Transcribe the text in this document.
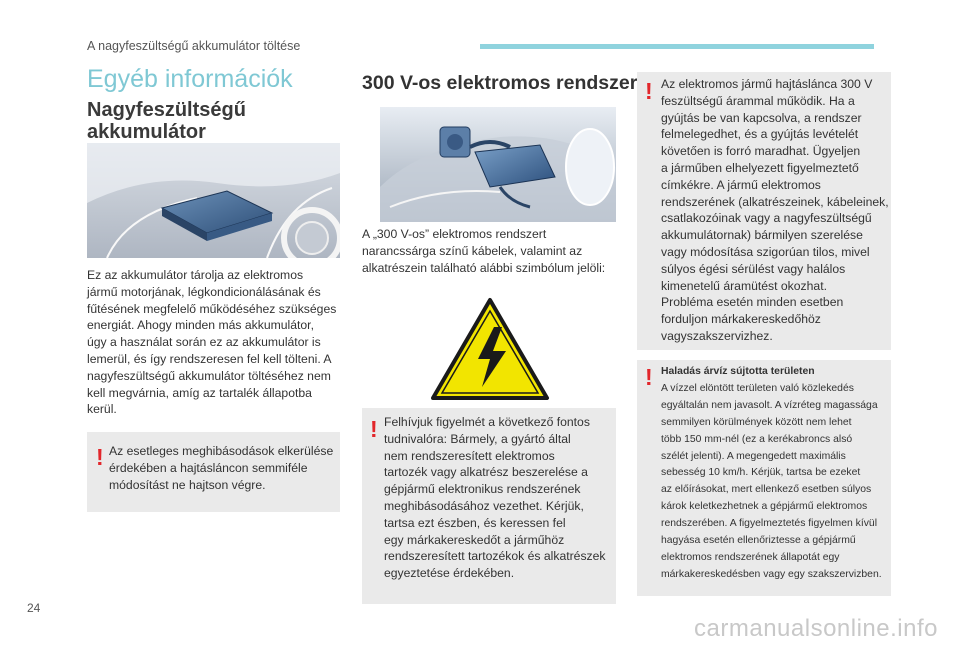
A nagyfeszültségű akkumulátor töltése
Egyéb információk
Nagyfeszültségű
akkumulátor
Ez az akkumulátor tárolja az elektromos
jármű motorjának, légkondicionálásának és
fűtésének megfelelő működéséhez szükséges
energiát. Ahogy minden más akkumulátor,
úgy a használat során ez az akkumulátor is
lemerül, és így rendszeresen fel kell tölteni. A
nagyfeszültségű akkumulátor töltéséhez nem
kell megvárnia, amíg az tartalék állapotba
kerül.
! Az esetleges meghibásodások elkerülése
érdekében a hajtásláncon semmiféle
módosítást ne hajtson végre.
300 V-os elektromos rendszer
A „300 V-os” elektromos rendszert
narancssárga színű kábelek, valamint az
alkatrészein található alábbi szimbólum jelöli:
! Felhívjuk figyelmét a következő fontos
tudnivalóra: Bármely, a gyártó által
nem rendszeresített elektromos
tartozék vagy alkatrész beszerelése a
gépjármű elektronikus rendszerének
meghibásodásához vezethet. Kérjük,
tartsa ezt észben, és keressen fel
egy márkakereskedőt a járműhöz
rendszeresített tartozékok és alkatrészek
egyeztetése érdekében.
! Az elektromos jármű hajtáslánca 300 V
feszültségű árammal működik. Ha a
gyújtás be van kapcsolva, a rendszer
felmelegedhet, és a gyújtás levételét
követően is forró maradhat. Ügyeljen
a járműben elhelyezett figyelmeztető
címkékre. A jármű elektromos
rendszerének (alkatrészeinek, kábeleinek,
csatlakozóinak vagy a nagyfeszültségű
akkumulátornak) bármilyen szerelése
vagy módosítása szigorúan tilos, mivel
súlyos égési sérülést vagy halálos
kimenetelű áramütést okozhat.
Probléma esetén minden esetben
forduljon márkakereskedőhöz
vagyszakszervizhez.
! Haladás árvíz sújtotta területen
A vízzel elöntött területen való közlekedés
egyáltalán nem javasolt. A vízréteg magassága
semmilyen körülmények között nem lehet
több 150 mm-nél (ez a kerékabroncs alsó
szélét jelenti). A megengedett maximális
sebesség 10 km/h. Kérjük, tartsa be ezeket
az előírásokat, mert ellenkező esetben súlyos
károk keletkezhetnek a gépjármű elektromos
rendszerében. A figyelmeztetés figyelmen kívül
hagyása esetén ellenőriztesse a gépjármű
elektromos rendszerének állapotát egy
márkakereskedésben vagy egy szakszervizben.
24
carmanualsonline.info
